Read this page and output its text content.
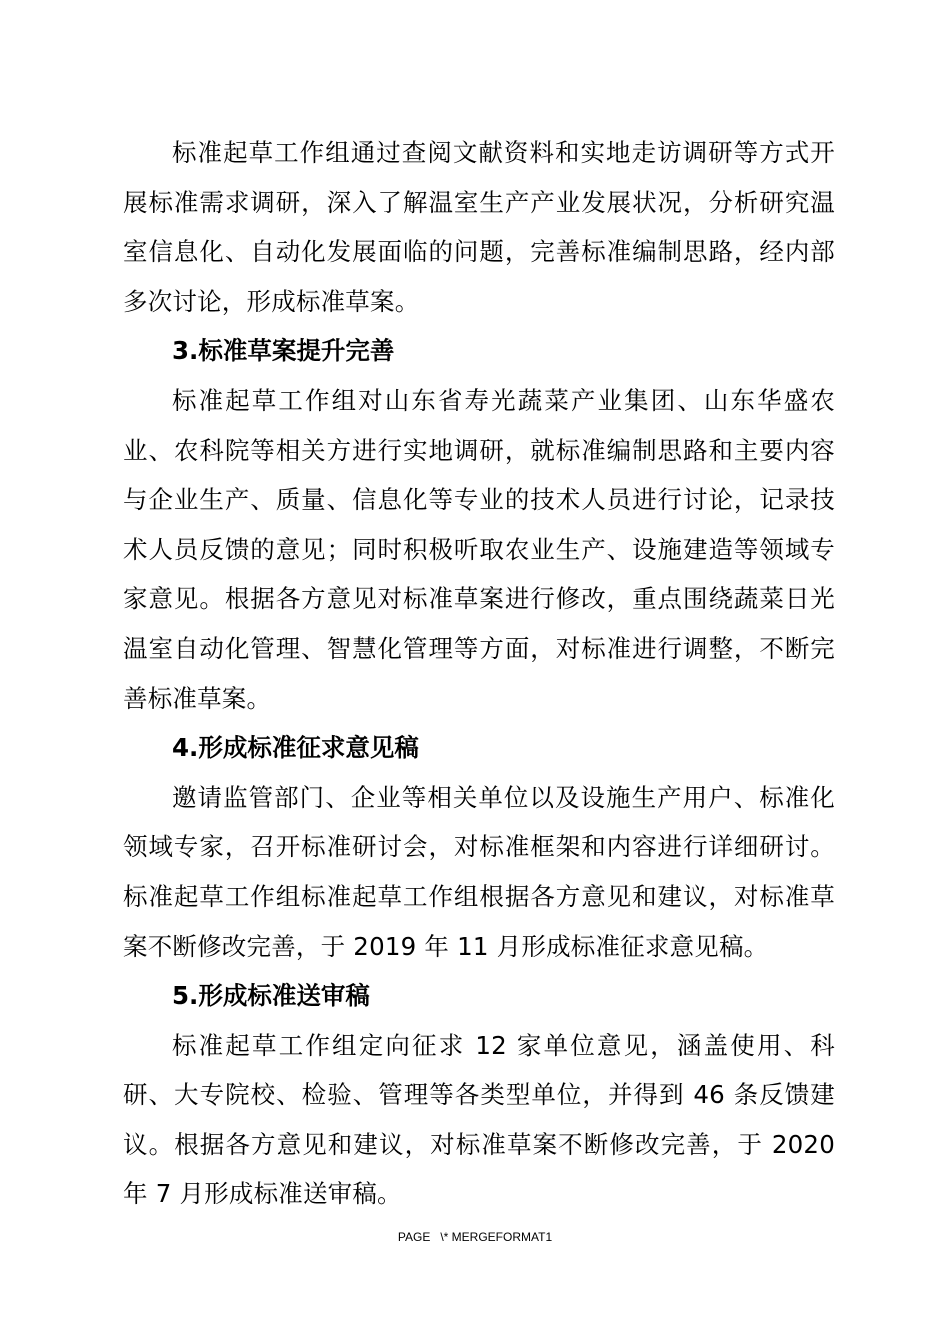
标准起草工作组通过查阅文献资料和实地走访调研等方式开展标准需求调研，深入了解温室生产产业发展状况，分析研究温室信息化、自动化发展面临的问题，完善标准编制思路，经内部多次讨论，形成标准草案。

3.标准草案提升完善

标准起草工作组对山东省寿光蔬菜产业集团、山东华盛农业、农科院等相关方进行实地调研，就标准编制思路和主要内容与企业生产、质量、信息化等专业的技术人员进行讨论，记录技术人员反馈的意见；同时积极听取农业生产、设施建造等领域专家意见。根据各方意见对标准草案进行修改，重点围绕蔬菜日光温室自动化管理、智慧化管理等方面，对标准进行调整，不断完善标准草案。

4.形成标准征求意见稿

邀请监管部门、企业等相关单位以及设施生产用户、标准化领域专家，召开标准研讨会，对标准框架和内容进行详细研讨。标准起草工作组标准起草工作组根据各方意见和建议，对标准草案不断修改完善，于 2019 年 11 月形成标准征求意见稿。

5.形成标准送审稿

标准起草工作组定向征求 12 家单位意见，涵盖使用、科研、大专院校、检验、管理等各类型单位，并得到 46 条反馈建议。根据各方意见和建议，对标准草案不断修改完善，于 2020 年 7 月形成标准送审稿。

PAGE   \* MERGEFORMAT1
